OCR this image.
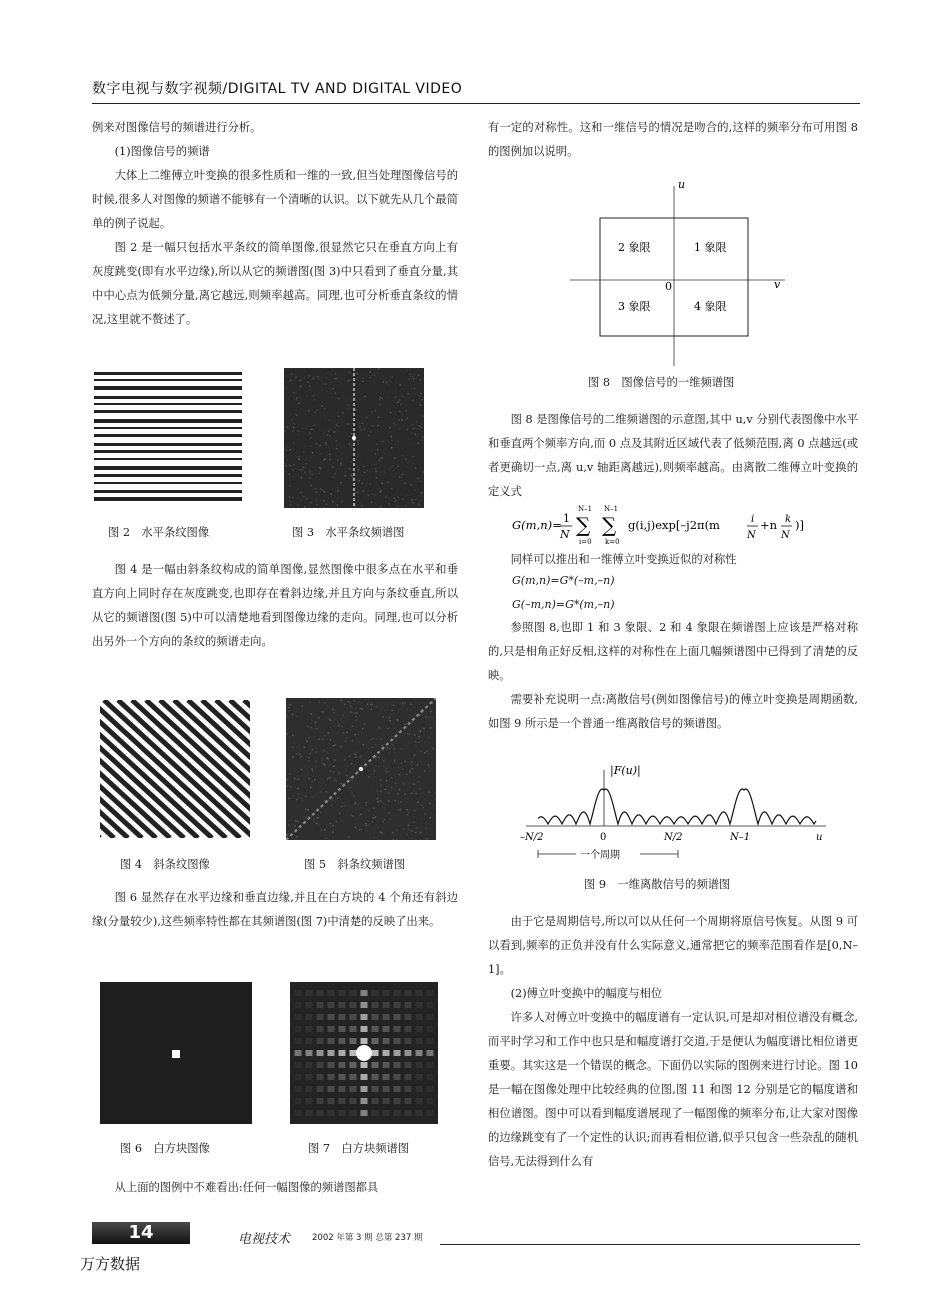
数字电视与数字视频/DIGITAL TV AND DIGITAL VIDEO

例来对图像信号的频谱进行分析。

(1)图像信号的频谱

大体上二维傅立叶变换的很多性质和一维的一致,但当处理图像信号的时候,很多人对图像的频谱不能够有一个清晰的认识。以下就先从几个最简单的例子说起。

图 2 是一幅只包括水平条纹的简单图像,很显然它只在垂直方向上有灰度跳变(即有水平边缘),所以从它的频谱图(图 3)中只看到了垂直分量,其中中心点为低频分量,离它越远,则频率越高。同理,也可分析垂直条纹的情况,这里就不赘述了。

图 2　水平条纹图像	图 3　水平条纹频谱图

图 4 是一幅由斜条纹构成的简单图像,显然图像中很多点在水平和垂直方向上同时存在灰度跳变,也即存在着斜边缘,并且方向与条纹垂直,所以从它的频谱图(图 5)中可以清楚地看到图像边缘的走向。同理,也可以分析出另外一个方向的条纹的频谱走向。

图 4　斜条纹图像	图 5　斜条纹频谱图

图 6 显然存在水平边缘和垂直边缘,并且在白方块的 4 个角还有斜边缘(分量较少),这些频率特性都在其频谱图(图 7)中清楚的反映了出来。

图 6　白方块图像	图 7　白方块频谱图

从上面的图例中不难看出:任何一幅图像的频谱图都具

有一定的对称性。这和一维信号的情况是吻合的,这样的频率分布可用图 8 的图例加以说明。

u
v
0
2 象限	1 象限
3 象限	4 象限
图 8　图像信号的一维频谱图

图 8 是图像信号的二维频谱图的示意图,其中 u,v 分别代表图像中水平和垂直两个频率方向,而 0 点及其附近区域代表了低频范围,离 0 点越远(或者更确切一点,离 u,v 轴距离越远),则频率越高。由离散二维傅立叶变换的定义式

G(m,n)= 1
N
N–1
∑
i=0
N–1
∑
k=0
g(i,j)exp[–j2π(m	i
N
+n k
N
)]

同样可以推出和一维傅立叶变换近似的对称性

G(m,n)=G*(–m,–n)
G(–m,n)=G*(m,–n)

参照图 8,也即 1 和 3 象限、2 和 4 象限在频谱图上应该是严格对称的,只是相角正好反相,这样的对称性在上面几幅频谱图中已得到了清楚的反映。

需要补充说明一点:离散信号(例如图像信号)的傅立叶变换是周期函数,如图 9 所示是一个普通一维离散信号的频谱图。

|F(u)|
–N/2	0	N/2	N–1	u
一个周期
图 9　一维离散信号的频谱图

由于它是周期信号,所以可以从任何一个周期将原信号恢复。从图 9 可以看到,频率的正负并没有什么实际意义,通常把它的频率范围看作是[0,N–1]。

(2)傅立叶变换中的幅度与相位

许多人对傅立叶变换中的幅度谱有一定认识,可是却对相位谱没有概念,而平时学习和工作中也只是和幅度谱打交道,于是便认为幅度谱比相位谱更重要。其实这是一个错误的概念。下面仍以实际的图例来进行讨论。图 10 是一幅在图像处理中比较经典的位图,图 11 和图 12 分别是它的幅度谱和相位谱图。图中可以看到幅度谱展现了一幅图像的频率分布,让大家对图像的边缘跳变有了一个定性的认识;而再看相位谱,似乎只包含一些杂乱的随机信号,无法得到什么有

14	电视技术	2002 年第 3 期 总第 237 期
万方数据
